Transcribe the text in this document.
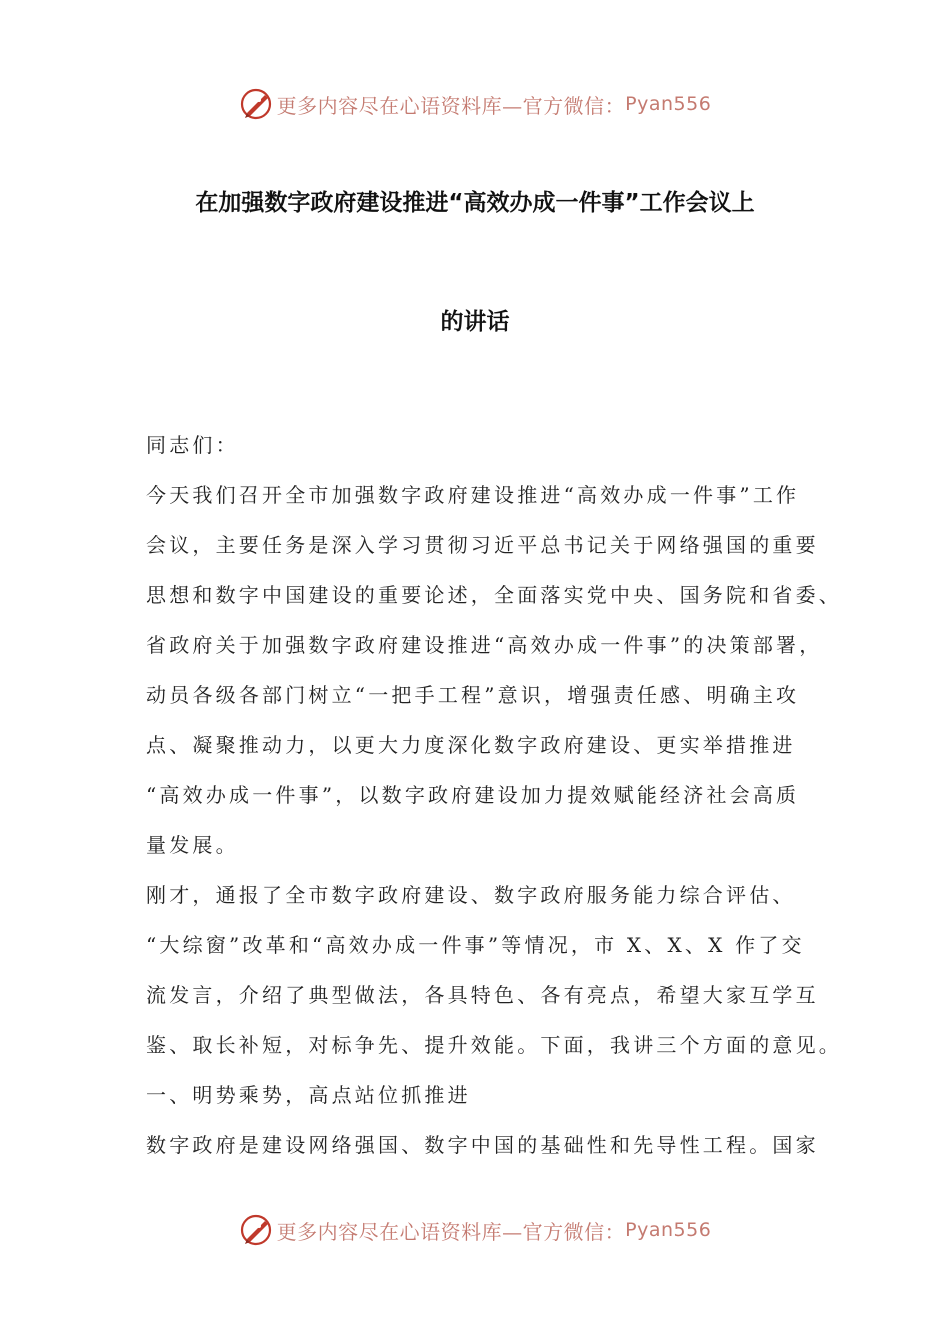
更多内容尽在心语资料库—官方微信： Pyan556
在加强数字政府建设推进“高效办成一件事”工作会议上
的讲话
同志们：
今天我们召开全市加强数字政府建设推进“高效办成一件事”工作
会议，主要任务是深入学习贯彻习近平总书记关于网络强国的重要
思想和数字中国建设的重要论述，全面落实党中央、国务院和省委、
省政府关于加强数字政府建设推进“高效办成一件事”的决策部署，
动员各级各部门树立“一把手工程”意识，增强责任感、明确主攻
点、凝聚推动力，以更大力度深化数字政府建设、更实举措推进
“高效办成一件事”，以数字政府建设加力提效赋能经济社会高质
量发展。
刚才，通报了全市数字政府建设、数字政府服务能力综合评估、
“大综窗”改革和“高效办成一件事”等情况，市 X、X、X 作了交
流发言，介绍了典型做法，各具特色、各有亮点，希望大家互学互
鉴、取长补短，对标争先、提升效能。下面，我讲三个方面的意见。
一、明势乘势，高点站位抓推进
数字政府是建设网络强国、数字中国的基础性和先导性工程。国家
更多内容尽在心语资料库—官方微信： Pyan556
